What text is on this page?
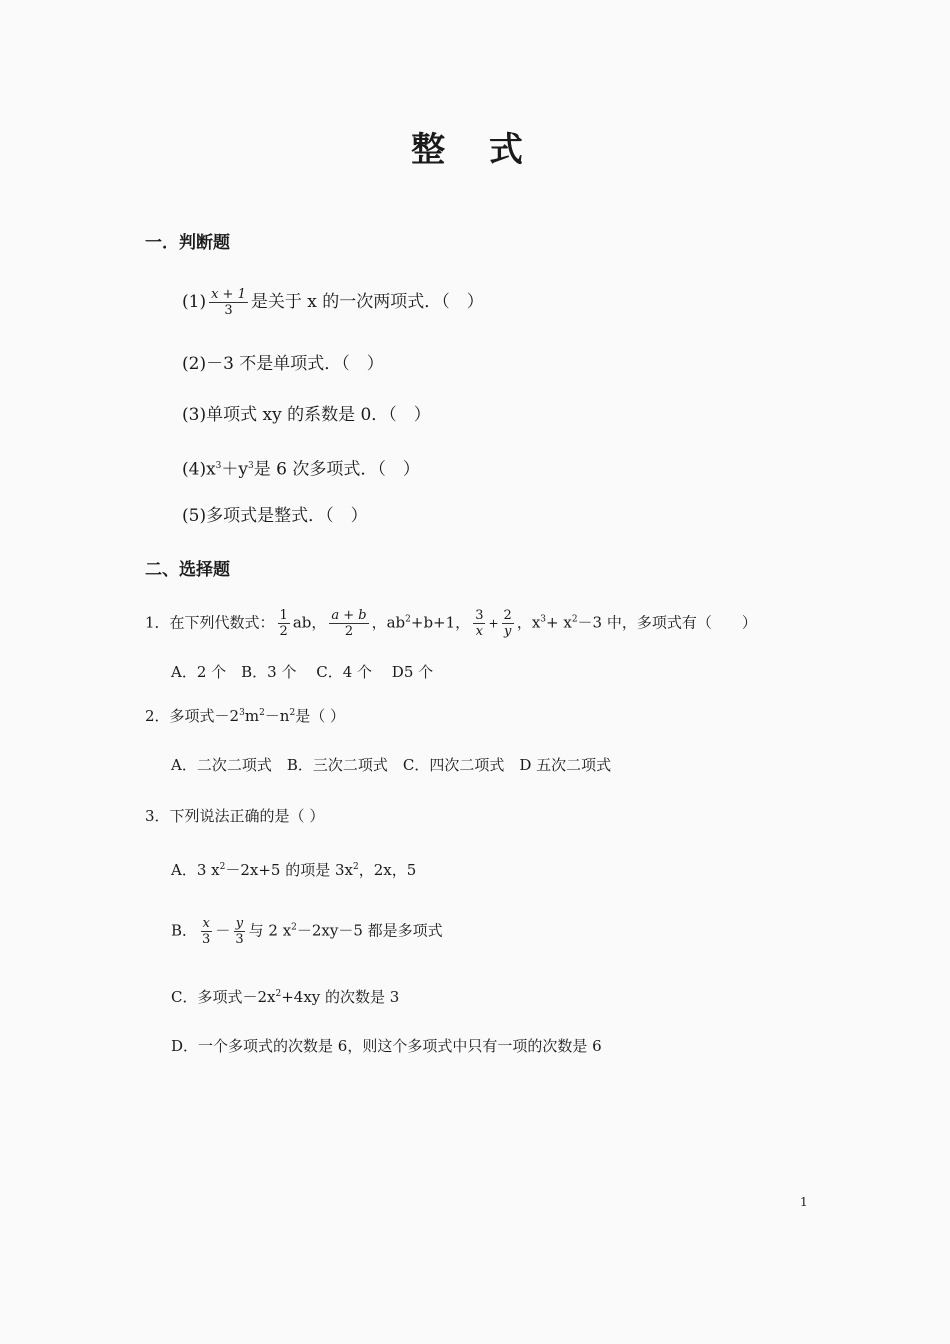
整 式
一．判断题
$(1) \frac{x + 1}{3}$ 是关于 x 的一次两项式．（　）
(2)－3 不是单项式．（　）
(3)单项式 xy 的系数是 0．（　）
$(4)x^3+y^3$是 6 次多项式．（　）
(5)多项式是整式．（　）
二、选择题
1．在下列代数式： $\frac{1}{2}$ ab， $\frac{a + b}{2}$ ，$ab^2+b+1$， $\frac{3}{x} + \frac{2}{y}$ ，$x^3+ x^2-3$ 中，多项式有（　　）
A．2 个　B．3 个　 C．4 个　 D5 个
2．多项式$-2^3m^2-n^2$是（ ）
A．二次二项式　B．三次二项式　C．四次二项式　D 五次二项式
3．下列说法正确的是（ ）
A．3 $x^2-2x+5$ 的项是 $3x^2$，2x，5
B． $\frac{x}{3} - \frac{y}{3}$ 与 2 $x^2-2xy-5$ 都是多项式
C．多项式$-2x^2+4xy$ 的次数是 3
D．一个多项式的次数是 6，则这个多项式中只有一项的次数是 6
1
